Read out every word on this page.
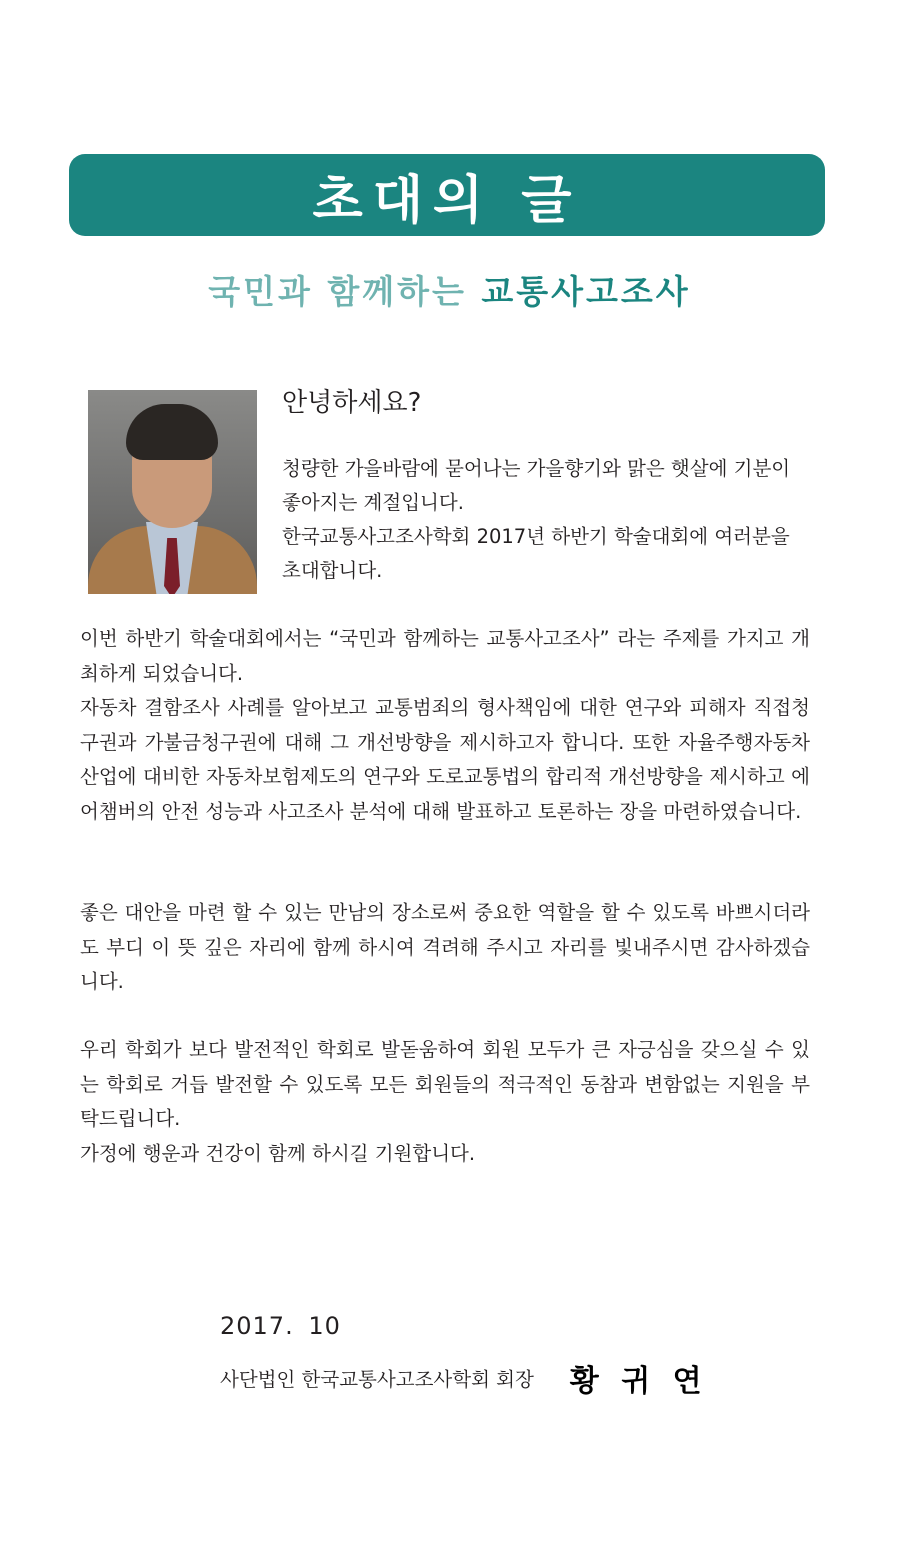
초대의 글
국민과 함께하는 교통사고조사
안녕하세요?

청량한 가을바람에 묻어나는 가을향기와 맑은 햇살에 기분이 좋아지는 계절입니다.

한국교통사고조사학회 2017년 하반기 학술대회에 여러분을 초대합니다.

이번 하반기 학술대회에서는 “국민과 함께하는 교통사고조사” 라는 주제를 가지고 개최하게 되었습니다.

자동차 결함조사 사례를 알아보고 교통범죄의 형사책임에 대한 연구와 피해자 직접청구권과 가불금청구권에 대해 그 개선방향을 제시하고자 합니다. 또한 자율주행자동차 산업에 대비한 자동차보험제도의 연구와 도로교통법의 합리적 개선방향을 제시하고 에어챔버의 안전 성능과 사고조사 분석에 대해 발표하고 토론하는 장을 마련하였습니다.

좋은 대안을 마련 할 수 있는 만남의 장소로써 중요한 역할을 할 수 있도록 바쁘시더라도 부디 이 뜻 깊은 자리에 함께 하시여 격려해 주시고 자리를 빛내주시면 감사하겠습니다.

우리 학회가 보다 발전적인 학회로 발돋움하여 회원 모두가 큰 자긍심을 갖으실 수 있는 학회로 거듭 발전할 수 있도록 모든 회원들의 적극적인 동참과 변함없는 지원을 부탁드립니다.

가정에 행운과 건강이 함께 하시길 기원합니다.

2017. 10
사단법인 한국교통사고조사학회 회장 황 귀 연
